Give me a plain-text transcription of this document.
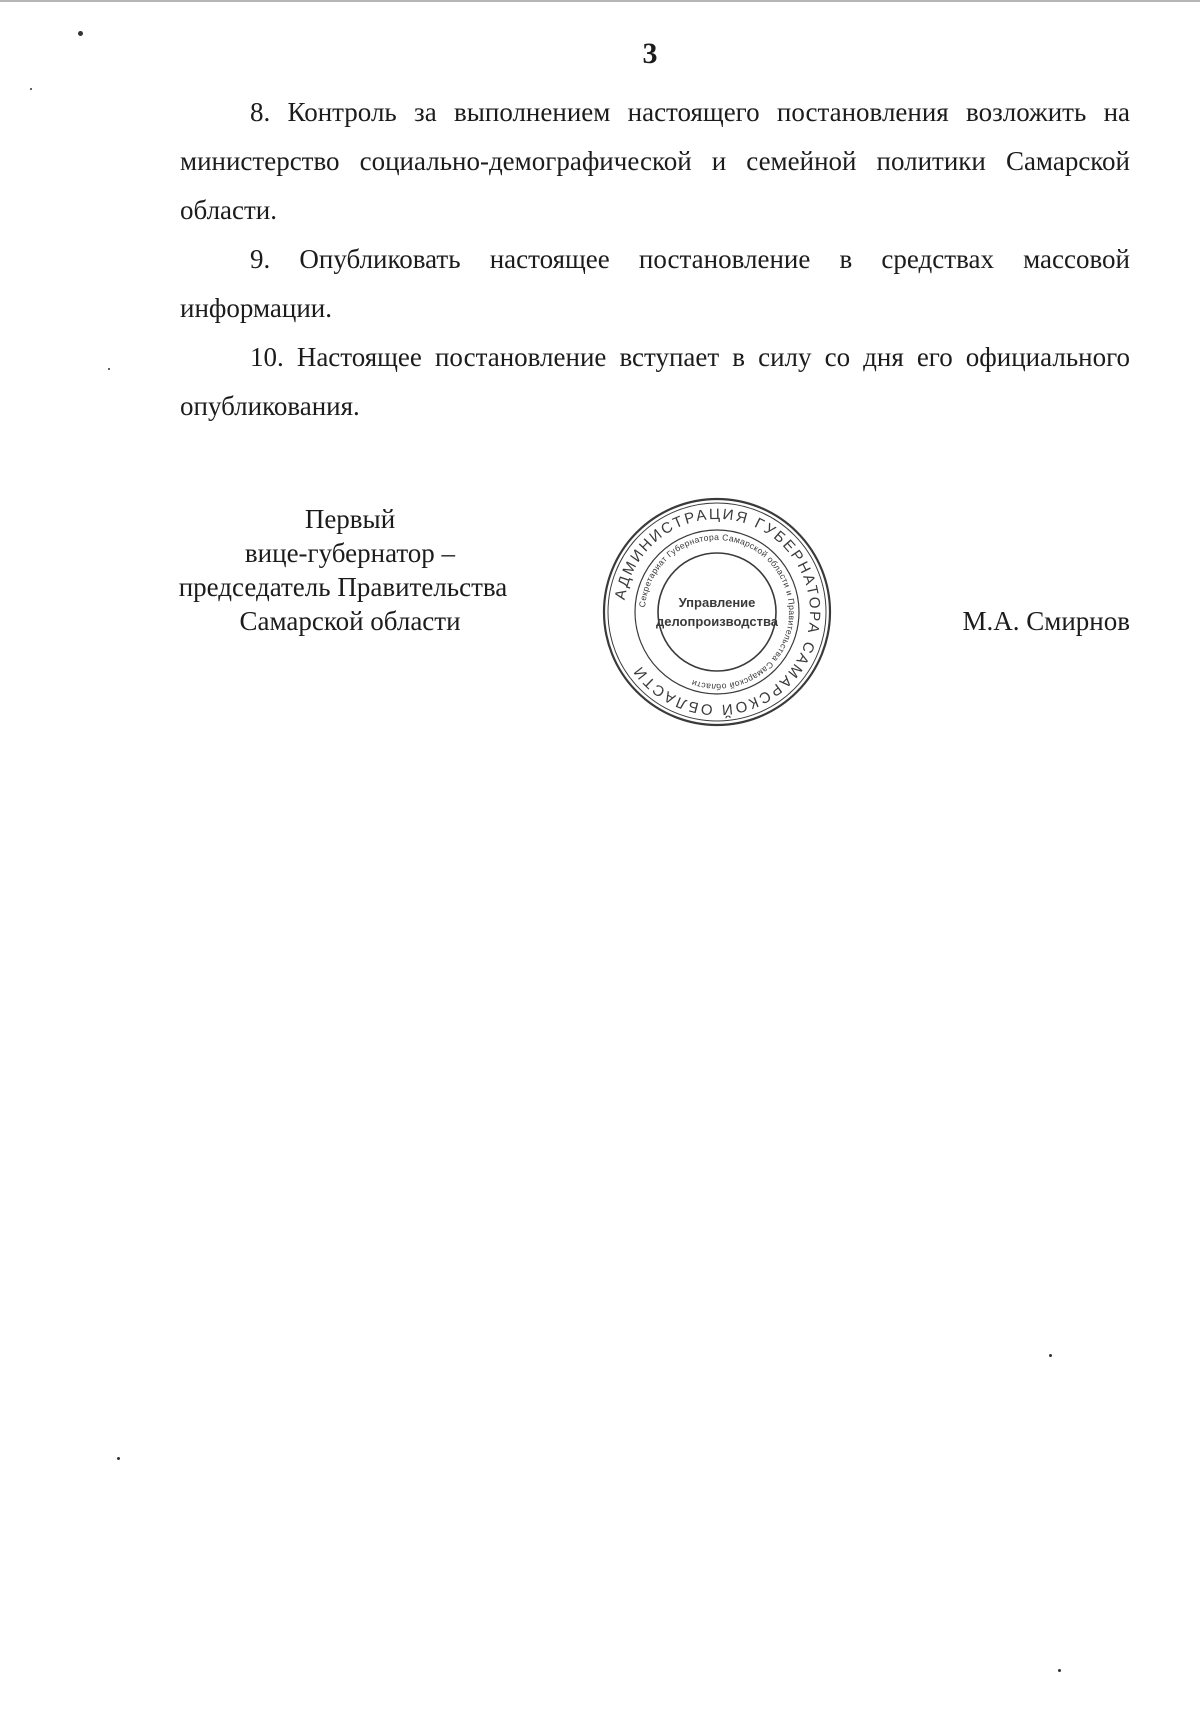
3

8. Контроль за выполнением настоящего постановления возложить на министерство социально-демографической и семейной политики Самарской области.

9. Опубликовать настоящее постановление в средствах массовой информации.

10. Настоящее постановление вступает в силу со дня его официального опубликования.

Первый
вице-губернатор –
председатель Правительства
Самарской области
АДМИНИСТРАЦИЯ ГУБЕРНАТОРА САМАРСКОЙ ОБЛАСТИ
Секретариат Губернатора Самарской области и Правительства Самарской области
Управление
делопроизводства	М.А. Смирнов
